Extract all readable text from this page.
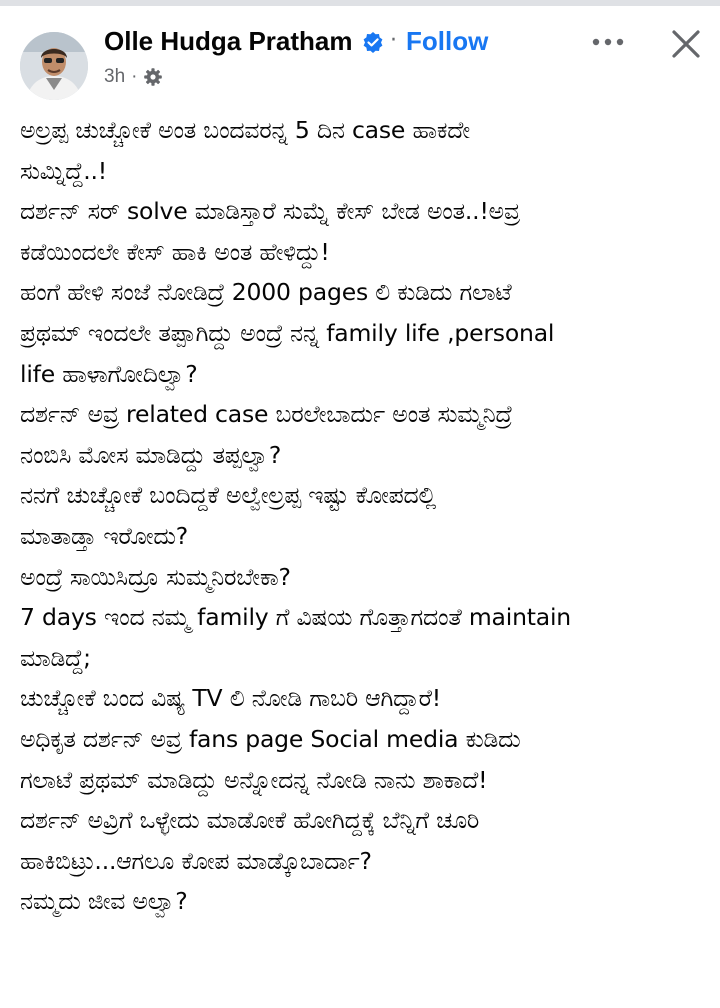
Olle Hudga Pratham · Follow
3h ·
ಅಲ್ರಪ್ಪ ಚುಚ್ಚೋಕೆ ಅಂತ ಬಂದವರನ್ನ 5 ದಿನ case ಹಾಕದೇ
ಸುಮ್ನಿದ್ದೆ..!
ದರ್ಶನ್ ಸರ್ solve ಮಾಡಿಸ್ತಾರೆ ಸುಮ್ನೆ ಕೇಸ್ ಬೇಡ ಅಂತ..!ಅವ್ರ
ಕಡೆಯಿಂದಲೇ ಕೇಸ್ ಹಾಕಿ ಅಂತ ಹೇಳಿದ್ದು!
ಹಂಗೆ ಹೇಳಿ ಸಂಜೆ ನೋಡಿದ್ರೆ 2000 pages ಲಿ ಕುಡಿದು ಗಲಾಟೆ
ಪ್ರಥಮ್ ಇಂದಲೇ ತಪ್ಪಾಗಿದ್ದು ಅಂದ್ರೆ ನನ್ನ family life ,personal
life ಹಾಳಾಗೋದಿಲ್ವಾ?
ದರ್ಶನ್ ಅವ್ರ related case ಬರಲೇಬಾರ್ದು ಅಂತ ಸುಮ್ಮನಿದ್ರೆ
ನಂಬಿಸಿ ಮೋಸ ಮಾಡಿದ್ದು ತಪ್ಪಲ್ವಾ?
ನನಗೆ ಚುಚ್ಚೋಕೆ ಬಂದಿದ್ದಕೆ ಅಲ್ವೇಲ್ರಪ್ಪ ಇಷ್ಟು ಕೋಪದಲ್ಲಿ
ಮಾತಾಡ್ತಾ ಇರೋದು?
ಅಂದ್ರೆ ಸಾಯಿಸಿದ್ರೂ ಸುಮ್ಮನಿರಬೇಕಾ?
7 days ಇಂದ ನಮ್ಮ family ಗೆ ವಿಷಯ ಗೊತ್ತಾಗದಂತೆ maintain
ಮಾಡಿದ್ದೆ;
ಚುಚ್ಚೋಕೆ ಬಂದ ವಿಷ್ಯ TV ಲಿ ನೋಡಿ ಗಾಬರಿ ಆಗಿದ್ದಾರೆ!
ಅಧಿಕೃತ ದರ್ಶನ್ ಅವ್ರ fans page Social media ಕುಡಿದು
ಗಲಾಟೆ ಪ್ರಥಮ್ ಮಾಡಿದ್ದು ಅನ್ನೋದನ್ನ ನೋಡಿ ನಾನು ಶಾಕಾದೆ!
ದರ್ಶನ್ ಅವ್ರಿಗೆ ಒಳ್ಳೇದು ಮಾಡೋಕೆ ಹೋಗಿದ್ದಕ್ಕೆ ಬೆನ್ನಿಗೆ ಚೂರಿ
ಹಾಕಿಬಿಟ್ರು...ಆಗಲೂ ಕೋಪ ಮಾಡ್ಕೊಬಾರ್ದಾ?
ನಮ್ಮದು ಜೀವ ಅಲ್ವಾ?
